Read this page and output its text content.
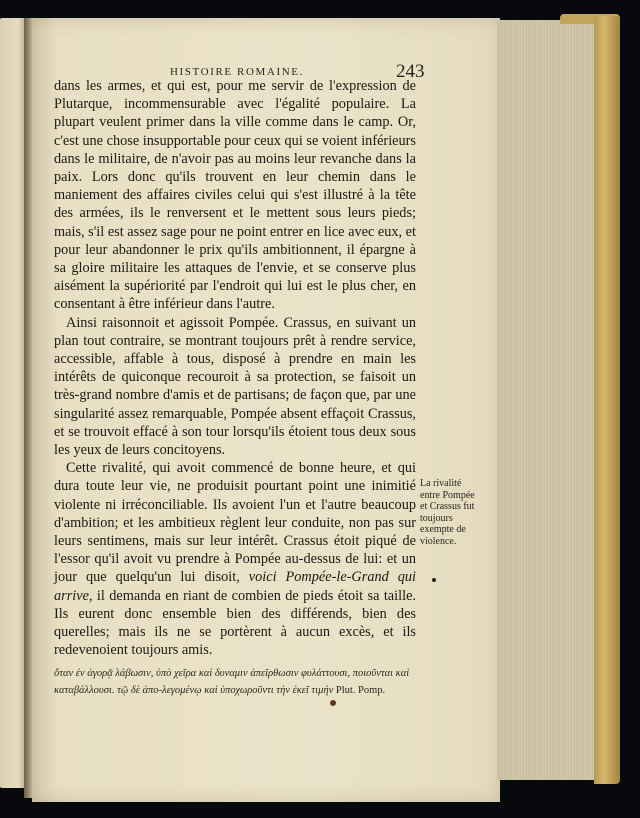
HISTOIRE ROMAINE.	243

dans les armes, et qui est, pour me servir de l'expression de Plutarque, incommensurable avec l'égalité populaire. La plupart veulent primer dans la ville comme dans le camp. Or, c'est une chose insupportable pour ceux qui se voient inférieurs dans le militaire, de n'avoir pas au moins leur revanche dans la paix. Lors donc qu'ils trouvent en leur chemin dans le maniement des affaires civiles celui qui s'est illustré à la tête des armées, ils le renversent et le mettent sous leurs pieds; mais, s'il est assez sage pour ne point entrer en lice avec eux, et pour leur abandonner le prix qu'ils ambitionnent, il épargne à sa gloire militaire les attaques de l'envie, et se conserve plus aisément la supériorité par l'endroit qui lui est le plus cher, en consentant à être inférieur dans l'autre.

Ainsi raisonnoit et agissoit Pompée. Crassus, en suivant un plan tout contraire, se montrant toujours prêt à rendre service, accessible, affable à tous, disposé à prendre en main les intérêts de quiconque recouroit à sa protection, se faisoit un très-grand nombre d'amis et de partisans; de façon que, par une singularité assez remarquable, Pompée absent effaçoit Crassus, et se trouvoit effacé à son tour lorsqu'ils étoient tous deux sous les yeux de leurs concitoyens.

Cette rivalité, qui avoit commencé de bonne heure, et qui dura toute leur vie, ne produisit pourtant point une inimitié violente ni irréconciliable. Ils avoient l'un et l'autre beaucoup d'ambition; et les ambitieux règlent leur conduite, non pas sur leurs sentimens, mais sur leur intérêt. Crassus étoit piqué de l'essor qu'il avoit vu prendre à Pompée au-dessus de lui: et un jour que quelqu'un lui disoit, voici Pompée-le-Grand qui arrive, il demanda en riant de combien de pieds étoit sa taille. Ils eurent donc ensemble bien des différends, bien des querelles; mais ils ne se portèrent à aucun excès, et ils redevenoient toujours amis.

La rivalité entre Pompée et Crassus fut toujours exempte de violence.
ὅταν ἐν ἀγορᾷ λάβωσιν, ὑπὸ χεῖρα καὶ δυναμιν ἀπεῖρθωσιν φυλάττουσι, ποιοῦνται καὶ καταβάλλουσι. τῷ δὲ ἀπο-λεγομένῳ καὶ ὑποχωροῦντι τὴν ἐκεῖ τιμήν Plut. Pomp.
